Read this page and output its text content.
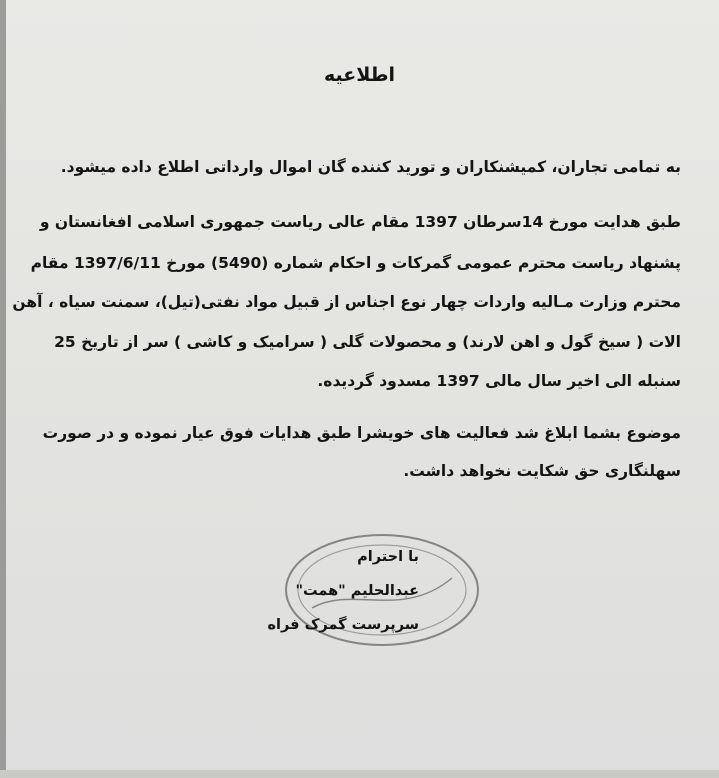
اطلاعیه
به تمامی تجاران، کمیشنکاران و تورید کننده گان اموال وارداتی اطلاع داده میشود.
طبق هدایت مورخ 14سرطان 1397 مقام عالی ریاست جمهوری اسلامی افغانستان و
پشنهاد ریاست محترم عمومی گمرکات و احکام شماره (5490) مورخ 1397/6/11 مقام
محترم وزارت مـالیه واردات چهار نوع اجناس از قبیل مواد نفتی(تیل)، سمنت سیاه ، آهن
الات ( سیخ گول و اهن لارند) و محصولات گلی ( سرامیک و کاشی ) سر از تاریخ 25
سنبله الی اخیر سال مالی 1397 مسدود گردیده.
موضوع بشما ابلاغ شد فعالیت های خویشرا طبق هدایات فوق عیار نموده و در صورت
سهلنگاری حق شکایت نخواهد داشت.
با احترام
عبدالحلیم "همت"
سرپرست گمرک فراه
